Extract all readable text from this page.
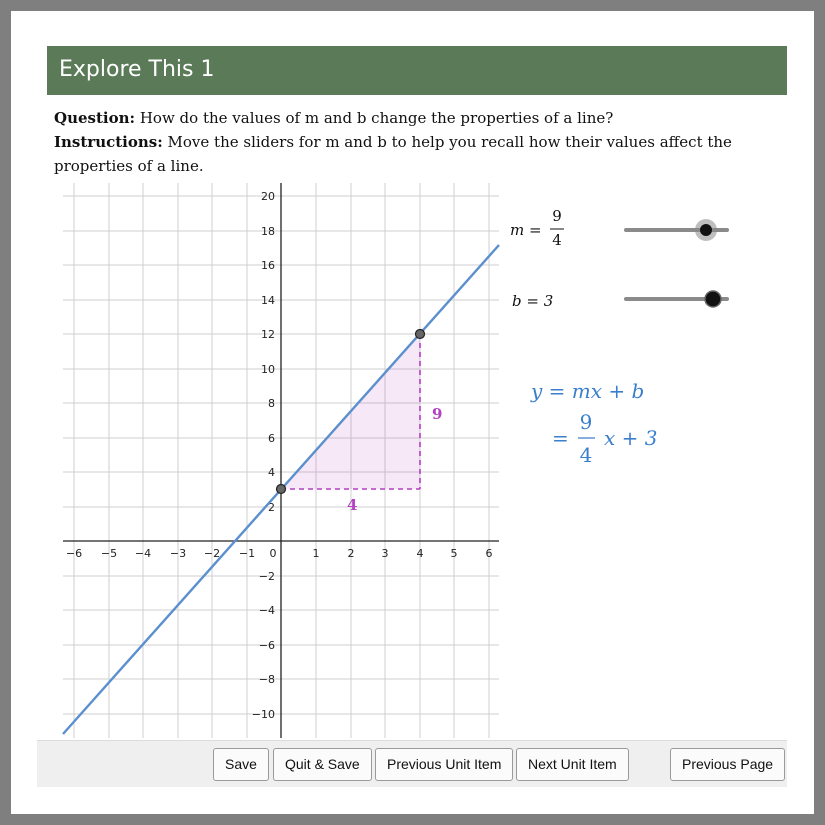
Explore This 1
Question: How do the values of m and b change the properties of a line?
Instructions: Move the sliders for m and b to help you recall how their values affect the properties of a line.
−6 −5 −4 −3 −2 −1 0	1	2 3	4 5	6
20
18
16
14
12
10
8
6
4
2
−2
−4
−6
−8
−10
9
4
m =
9
4
b = 3
y = mx + b
=
9
4
x + 3
Save	Quit & Save	Previous Unit Item	Next Unit Item	Previous Page
